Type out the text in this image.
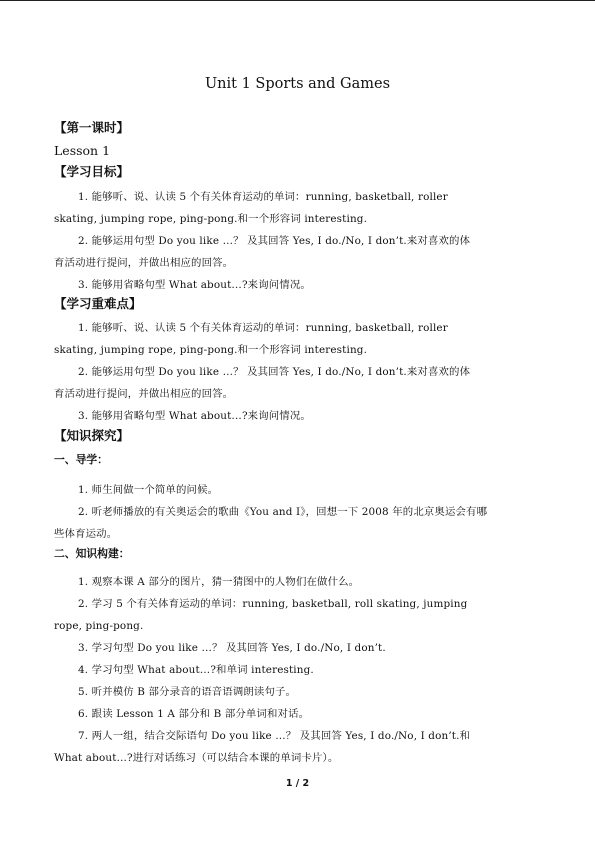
Unit 1 Sports and Games
【第一课时】
Lesson 1
【学习目标】
1. 能够听、说、认读 5 个有关体育运动的单词：running, basketball, roller
skating, jumping rope, ping-pong.和一个形容词 interesting.
2. 能够运用句型 Do you like …？ 及其回答 Yes, I do./No, I don’t.来对喜欢的体
育活动进行提问，并做出相应的回答。
3. 能够用省略句型 What about…?来询问情况。
【学习重难点】
1. 能够听、说、认读 5 个有关体育运动的单词：running, basketball, roller
skating, jumping rope, ping-pong.和一个形容词 interesting.
2. 能够运用句型 Do you like …？ 及其回答 Yes, I do./No, I don’t.来对喜欢的体
育活动进行提问，并做出相应的回答。
3. 能够用省略句型 What about…?来询问情况。
【知识探究】
一、导学：
1. 师生间做一个简单的问候。
2. 听老师播放的有关奥运会的歌曲《You and I》，回想一下 2008 年的北京奥运会有哪
些体育运动。
二、知识构建：
1. 观察本课 A 部分的图片，猜一猜图中的人物们在做什么。
2. 学习 5 个有关体育运动的单词：running, basketball, roll skating, jumping
rope, ping-pong.
3. 学习句型 Do you like …？ 及其回答 Yes, I do./No, I don’t.
4. 学习句型 What about…?和单词 interesting.
5. 听并模仿 B 部分录音的语音语调朗读句子。
6. 跟读 Lesson 1 A 部分和 B 部分单词和对话。
7. 两人一组，结合交际语句 Do you like …？ 及其回答 Yes, I do./No, I don’t.和
What about…?进行对话练习（可以结合本课的单词卡片）。
1 / 2
